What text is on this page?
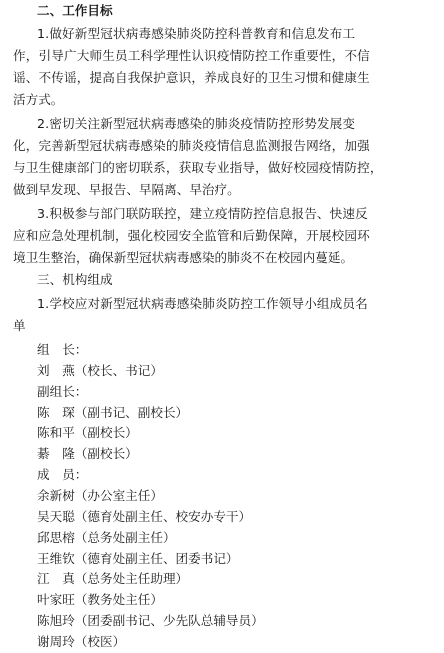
二、工作目标
1.做好新型冠状病毒感染肺炎防控科普教育和信息发布工
作，引导广大师生员工科学理性认识疫情防控工作重要性，不信
谣、不传谣，提高自我保护意识，养成良好的卫生习惯和健康生
活方式。
2.密切关注新型冠状病毒感染的肺炎疫情防控形势发展变
化，完善新型冠状病毒感染的肺炎疫情信息监测报告网络，加强
与卫生健康部门的密切联系，获取专业指导，做好校园疫情防控，
做到早发现、早报告、早隔离、早治疗。
3.积极参与部门联防联控，建立疫情防控信息报告、快速反
应和应急处理机制，强化校园安全监管和后勤保障，开展校园环
境卫生整治，确保新型冠状病毒感染的肺炎不在校园内蔓延。
三、机构组成
1.学校应对新型冠状病毒感染肺炎防控工作领导小组成员名
单
组　长：
刘　燕（校长、书记）
副组长：
陈　琛（副书记、副校长）
陈和平（副校长）
綦　隆（副校长）
成　员：
余新树（办公室主任）
吴天聪（德育处副主任、校安办专干）
邱思榕（总务处副主任）
王维钦（德育处副主任、团委书记）
江　真（总务处主任助理）
叶家旺（教务处主任）
陈旭玲（团委副书记、少先队总辅导员）
谢周玲（校医）
